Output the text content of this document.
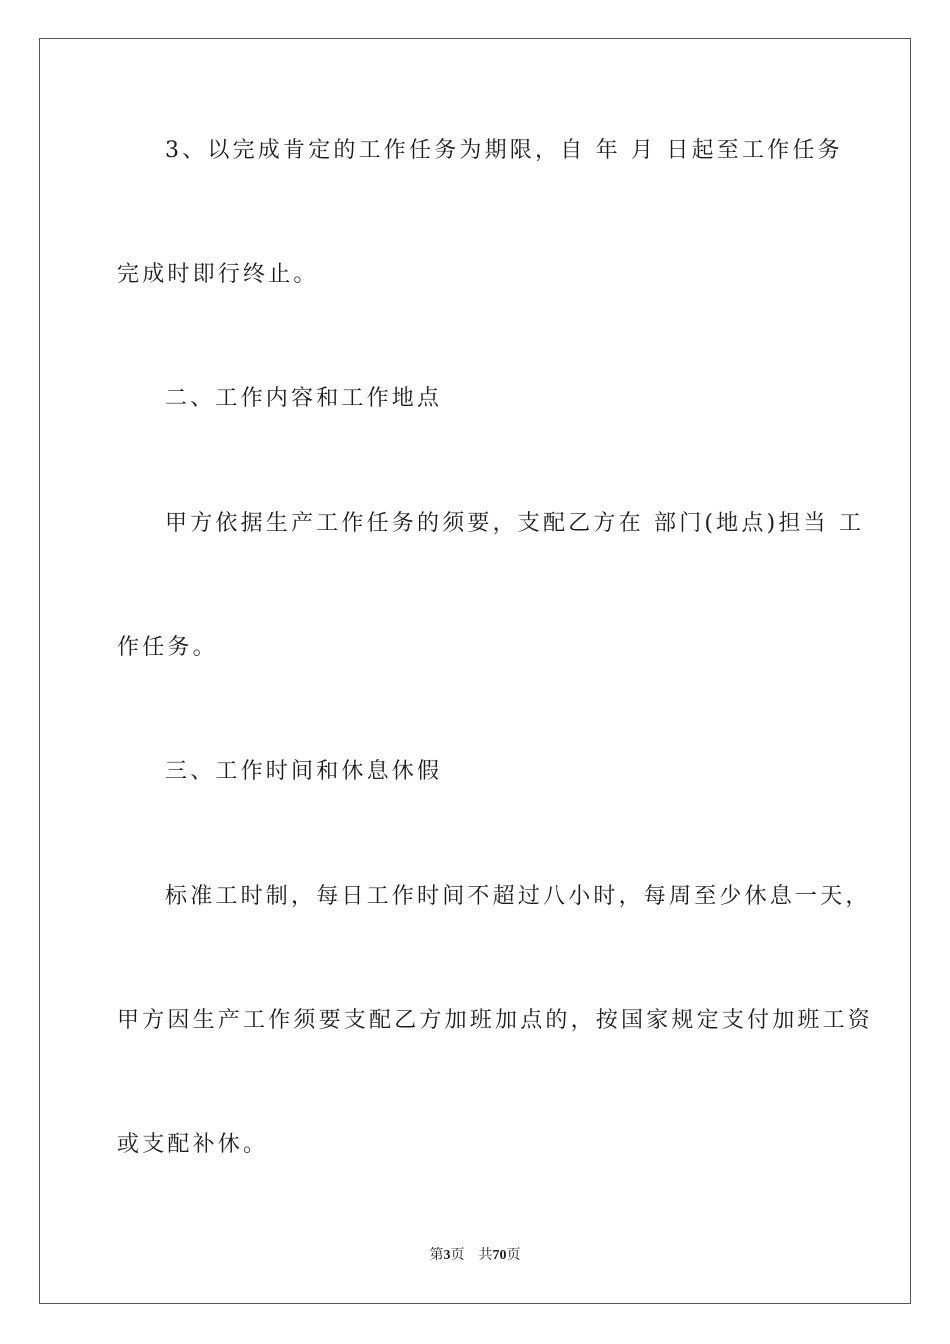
3、以完成肯定的工作任务为期限，自 年 月 日起至工作任务
完成时即行终止。
二、工作内容和工作地点
甲方依据生产工作任务的须要，支配乙方在 部门(地点)担当 工
作任务。
三、工作时间和休息休假
标准工时制，每日工作时间不超过八小时，每周至少休息一天，
甲方因生产工作须要支配乙方加班加点的，按国家规定支付加班工资
或支配补休。
第3页 共70页
